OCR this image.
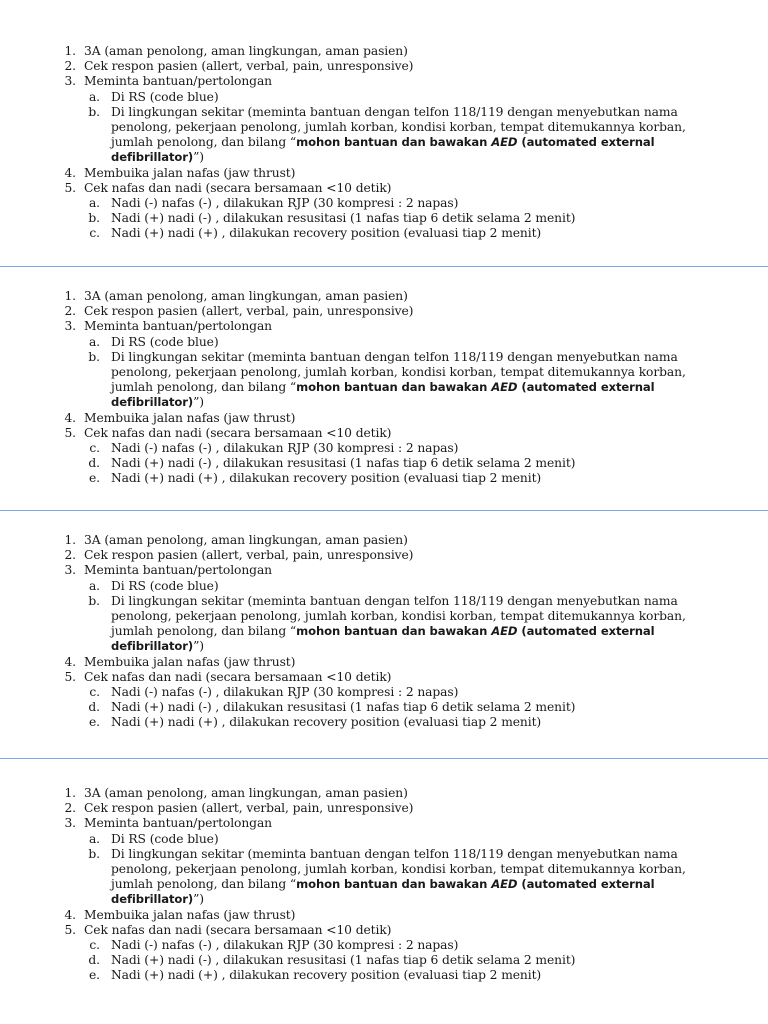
1. 3A (aman penolong, aman lingkungan, aman pasien)
2. Cek respon pasien (allert, verbal, pain, unresponsive)
3. Meminta bantuan/pertolongan
a. Di RS (code blue)
b. Di lingkungan sekitar (meminta bantuan dengan telfon 118/119 dengan menyebutkan nama
penolong, pekerjaan penolong, jumlah korban, kondisi korban, tempat ditemukannya korban,
jumlah penolong, dan bilang “mohon bantuan dan bawakan AED (automated external
defibrillator)”)
4. Membuika jalan nafas (jaw thrust)
5. Cek nafas dan nadi (secara bersamaan <10 detik)
a. Nadi (-) nafas (-) , dilakukan RJP (30 kompresi : 2 napas)
b. Nadi (+) nadi (-) , dilakukan resusitasi (1 nafas tiap 6 detik selama 2 menit)
c. Nadi (+) nadi (+) , dilakukan recovery position (evaluasi tiap 2 menit)
1. 3A (aman penolong, aman lingkungan, aman pasien)
2. Cek respon pasien (allert, verbal, pain, unresponsive)
3. Meminta bantuan/pertolongan
a. Di RS (code blue)
b. Di lingkungan sekitar (meminta bantuan dengan telfon 118/119 dengan menyebutkan nama
penolong, pekerjaan penolong, jumlah korban, kondisi korban, tempat ditemukannya korban,
jumlah penolong, dan bilang “mohon bantuan dan bawakan AED (automated external
defibrillator)”)
4. Membuika jalan nafas (jaw thrust)
5. Cek nafas dan nadi (secara bersamaan <10 detik)
c. Nadi (-) nafas (-) , dilakukan RJP (30 kompresi : 2 napas)
d. Nadi (+) nadi (-) , dilakukan resusitasi (1 nafas tiap 6 detik selama 2 menit)
e. Nadi (+) nadi (+) , dilakukan recovery position (evaluasi tiap 2 menit)
1. 3A (aman penolong, aman lingkungan, aman pasien)
2. Cek respon pasien (allert, verbal, pain, unresponsive)
3. Meminta bantuan/pertolongan
a. Di RS (code blue)
b. Di lingkungan sekitar (meminta bantuan dengan telfon 118/119 dengan menyebutkan nama
penolong, pekerjaan penolong, jumlah korban, kondisi korban, tempat ditemukannya korban,
jumlah penolong, dan bilang “mohon bantuan dan bawakan AED (automated external
defibrillator)”)
4. Membuika jalan nafas (jaw thrust)
5. Cek nafas dan nadi (secara bersamaan <10 detik)
c. Nadi (-) nafas (-) , dilakukan RJP (30 kompresi : 2 napas)
d. Nadi (+) nadi (-) , dilakukan resusitasi (1 nafas tiap 6 detik selama 2 menit)
e. Nadi (+) nadi (+) , dilakukan recovery position (evaluasi tiap 2 menit)
1. 3A (aman penolong, aman lingkungan, aman pasien)
2. Cek respon pasien (allert, verbal, pain, unresponsive)
3. Meminta bantuan/pertolongan
a. Di RS (code blue)
b. Di lingkungan sekitar (meminta bantuan dengan telfon 118/119 dengan menyebutkan nama
penolong, pekerjaan penolong, jumlah korban, kondisi korban, tempat ditemukannya korban,
jumlah penolong, dan bilang “mohon bantuan dan bawakan AED (automated external
defibrillator)”)
4. Membuika jalan nafas (jaw thrust)
5. Cek nafas dan nadi (secara bersamaan <10 detik)
c. Nadi (-) nafas (-) , dilakukan RJP (30 kompresi : 2 napas)
d. Nadi (+) nadi (-) , dilakukan resusitasi (1 nafas tiap 6 detik selama 2 menit)
e. Nadi (+) nadi (+) , dilakukan recovery position (evaluasi tiap 2 menit)
